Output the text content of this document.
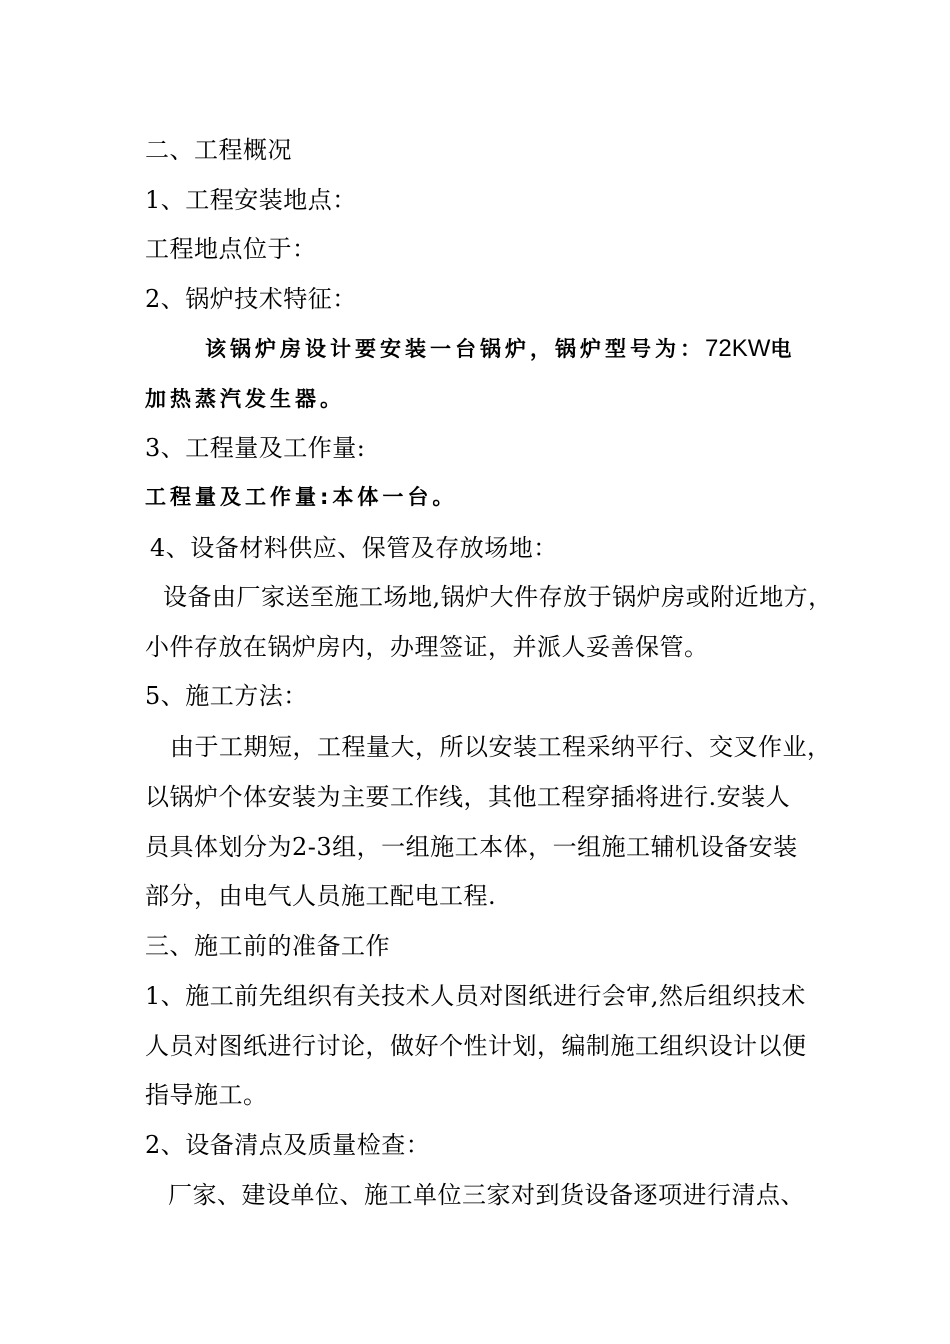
二、工程概况
1、工程安装地点：
工程地点位于：
2、锅炉技术特征：
该锅炉房设计要安装一台锅炉，锅炉型号为：72KW电
加热蒸汽发生器。
3、工程量及工作量:
工程量及工作量:本体一台。
4、设备材料供应、保管及存放场地：
设备由厂家送至施工场地,锅炉大件存放于锅炉房或附近地方，
小件存放在锅炉房内，办理签证，并派人妥善保管。
5、施工方法：
由于工期短，工程量大，所以安装工程采纳平行、交叉作业，
以锅炉个体安装为主要工作线，其他工程穿插将进行.安装人
员具体划分为2-3组，一组施工本体，一组施工辅机设备安装
部分，由电气人员施工配电工程.
三、施工前的准备工作
1、施工前先组织有关技术人员对图纸进行会审,然后组织技术
人员对图纸进行讨论，做好个性计划，编制施工组织设计以便
指导施工。
2、设备清点及质量检查：
厂家、建设单位、施工单位三家对到货设备逐项进行清点、
